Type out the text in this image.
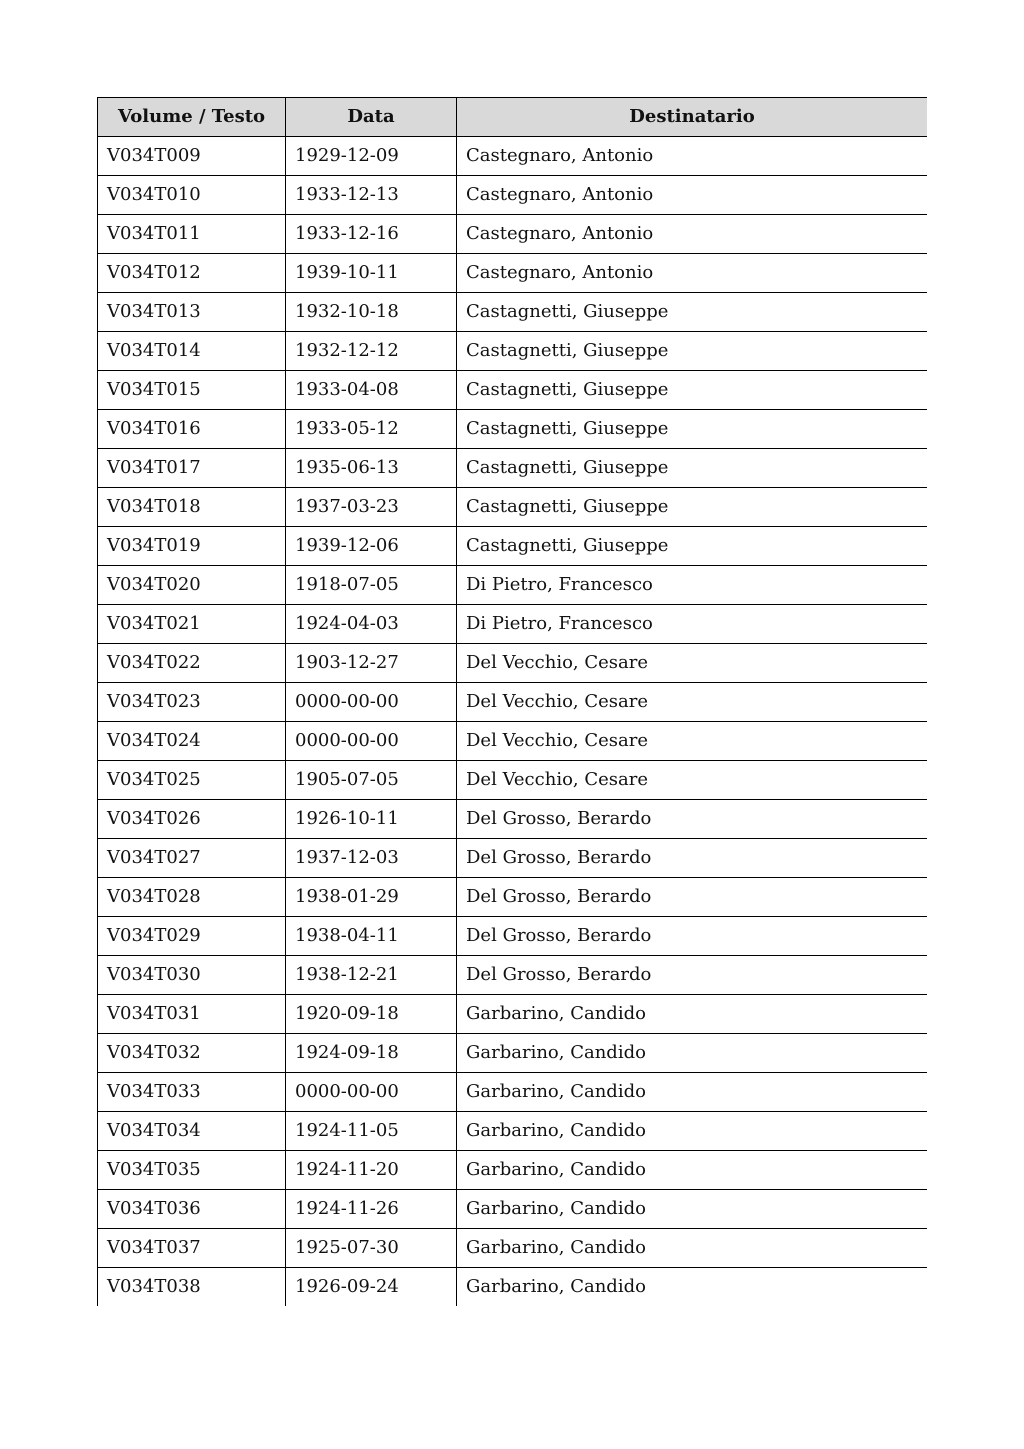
Volume / Testo	Data	Destinatario
V034T009	1929-12-09	Castegnaro, Antonio
V034T010	1933-12-13	Castegnaro, Antonio
V034T011	1933-12-16	Castegnaro, Antonio
V034T012	1939-10-11	Castegnaro, Antonio
V034T013	1932-10-18	Castagnetti, Giuseppe
V034T014	1932-12-12	Castagnetti, Giuseppe
V034T015	1933-04-08	Castagnetti, Giuseppe
V034T016	1933-05-12	Castagnetti, Giuseppe
V034T017	1935-06-13	Castagnetti, Giuseppe
V034T018	1937-03-23	Castagnetti, Giuseppe
V034T019	1939-12-06	Castagnetti, Giuseppe
V034T020	1918-07-05	Di Pietro, Francesco
V034T021	1924-04-03	Di Pietro, Francesco
V034T022	1903-12-27	Del Vecchio, Cesare
V034T023	0000-00-00	Del Vecchio, Cesare
V034T024	0000-00-00	Del Vecchio, Cesare
V034T025	1905-07-05	Del Vecchio, Cesare
V034T026	1926-10-11	Del Grosso, Berardo
V034T027	1937-12-03	Del Grosso, Berardo
V034T028	1938-01-29	Del Grosso, Berardo
V034T029	1938-04-11	Del Grosso, Berardo
V034T030	1938-12-21	Del Grosso, Berardo
V034T031	1920-09-18	Garbarino, Candido
V034T032	1924-09-18	Garbarino, Candido
V034T033	0000-00-00	Garbarino, Candido
V034T034	1924-11-05	Garbarino, Candido
V034T035	1924-11-20	Garbarino, Candido
V034T036	1924-11-26	Garbarino, Candido
V034T037	1925-07-30	Garbarino, Candido
V034T038	1926-09-24	Garbarino, Candido
